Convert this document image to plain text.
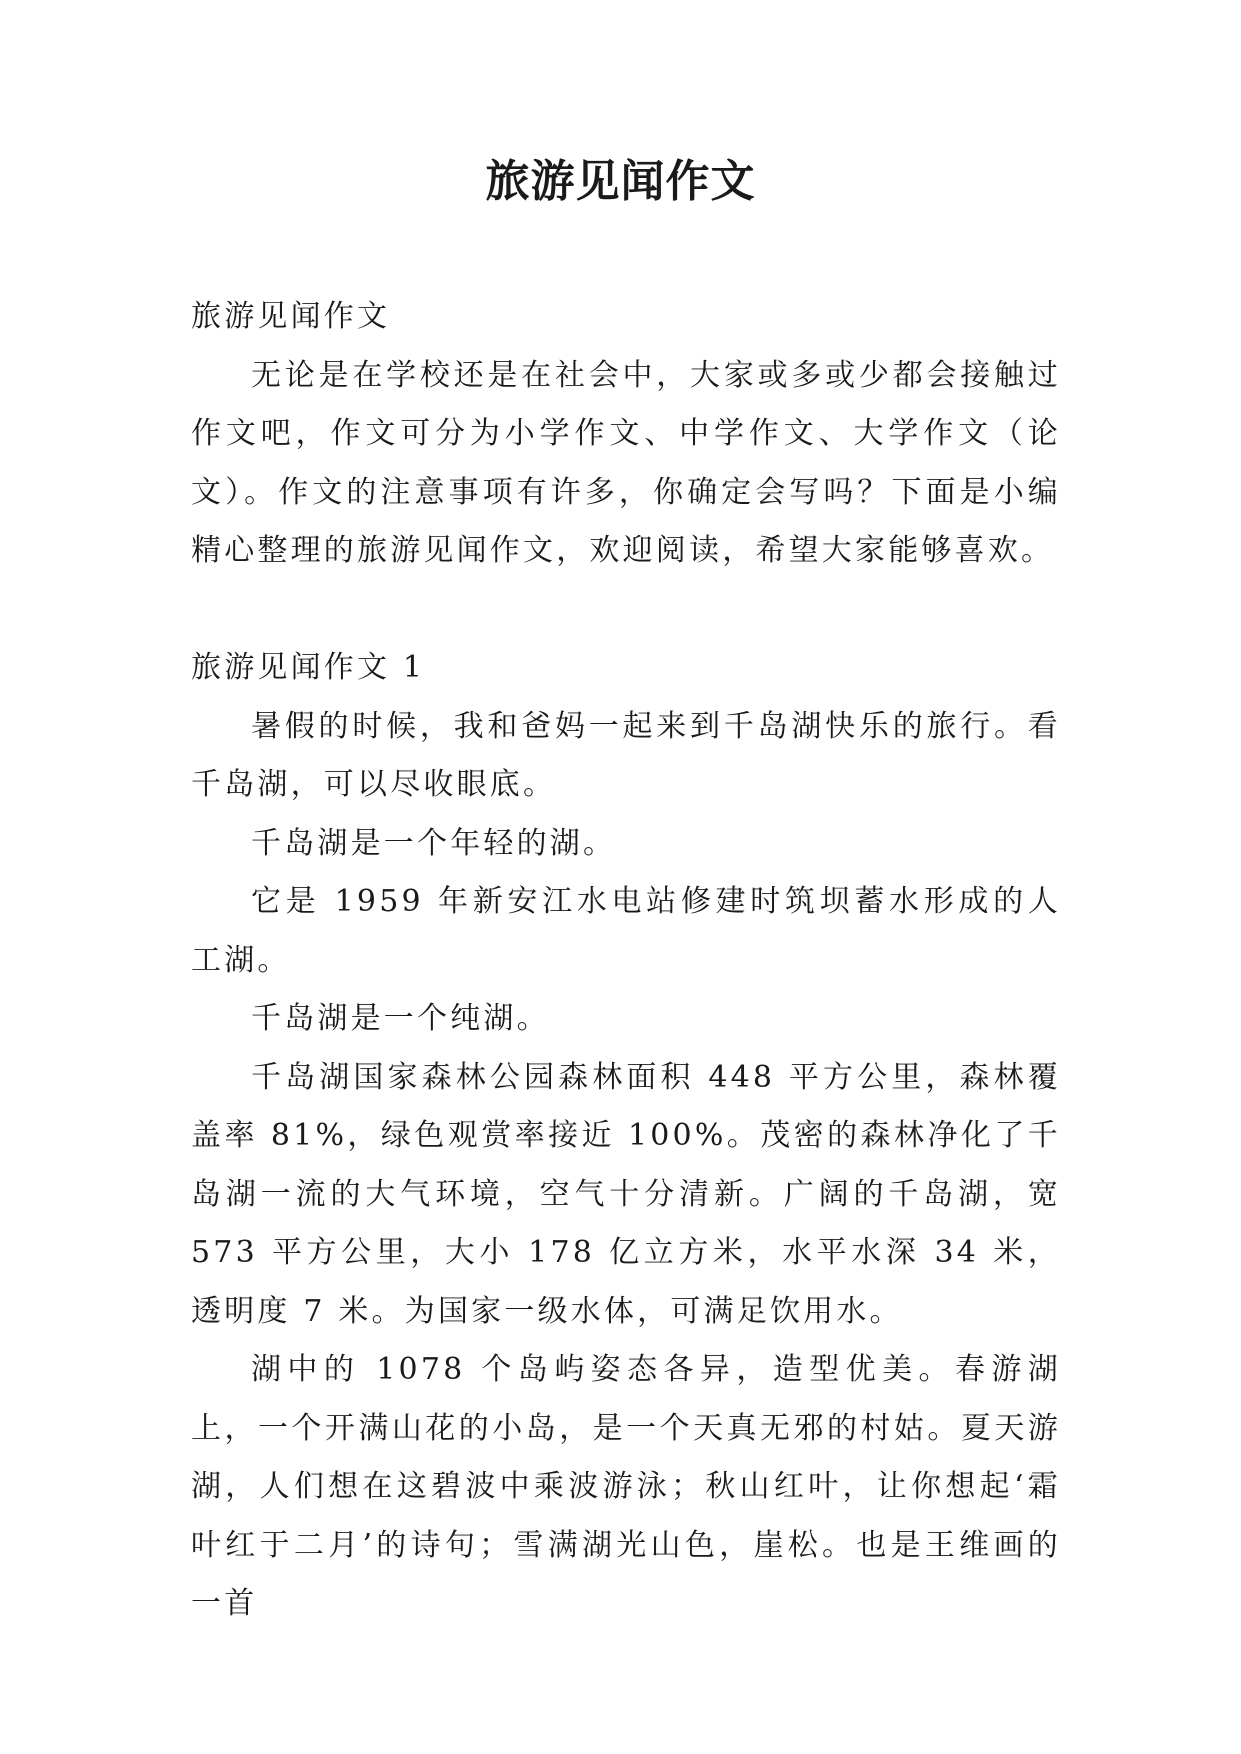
旅游见闻作文

旅游见闻作文

无论是在学校还是在社会中，大家或多或少都会接触过作文吧，作文可分为小学作文、中学作文、大学作文（论文）。作文的注意事项有许多，你确定会写吗？下面是小编精心整理的旅游见闻作文，欢迎阅读，希望大家能够喜欢。

旅游见闻作文 1

暑假的时候，我和爸妈一起来到千岛湖快乐的旅行。看千岛湖，可以尽收眼底。

千岛湖是一个年轻的湖。

它是 1959 年新安江水电站修建时筑坝蓄水形成的人工湖。

千岛湖是一个纯湖。

千岛湖国家森林公园森林面积 448 平方公里，森林覆盖率 81%，绿色观赏率接近 100%。茂密的森林净化了千岛湖一流的大气环境，空气十分清新。广阔的千岛湖，宽 573 平方公里，大小 178 亿立方米，水平水深 34 米，透明度 7 米。为国家一级水体，可满足饮用水。

湖中的 1078 个岛屿姿态各异，造型优美。春游湖上，一个开满山花的小岛，是一个天真无邪的村姑。夏天游湖，人们想在这碧波中乘波游泳；秋山红叶，让你想起‘霜叶红于二月’的诗句；雪满湖光山色，崖松。也是王维画的一首
